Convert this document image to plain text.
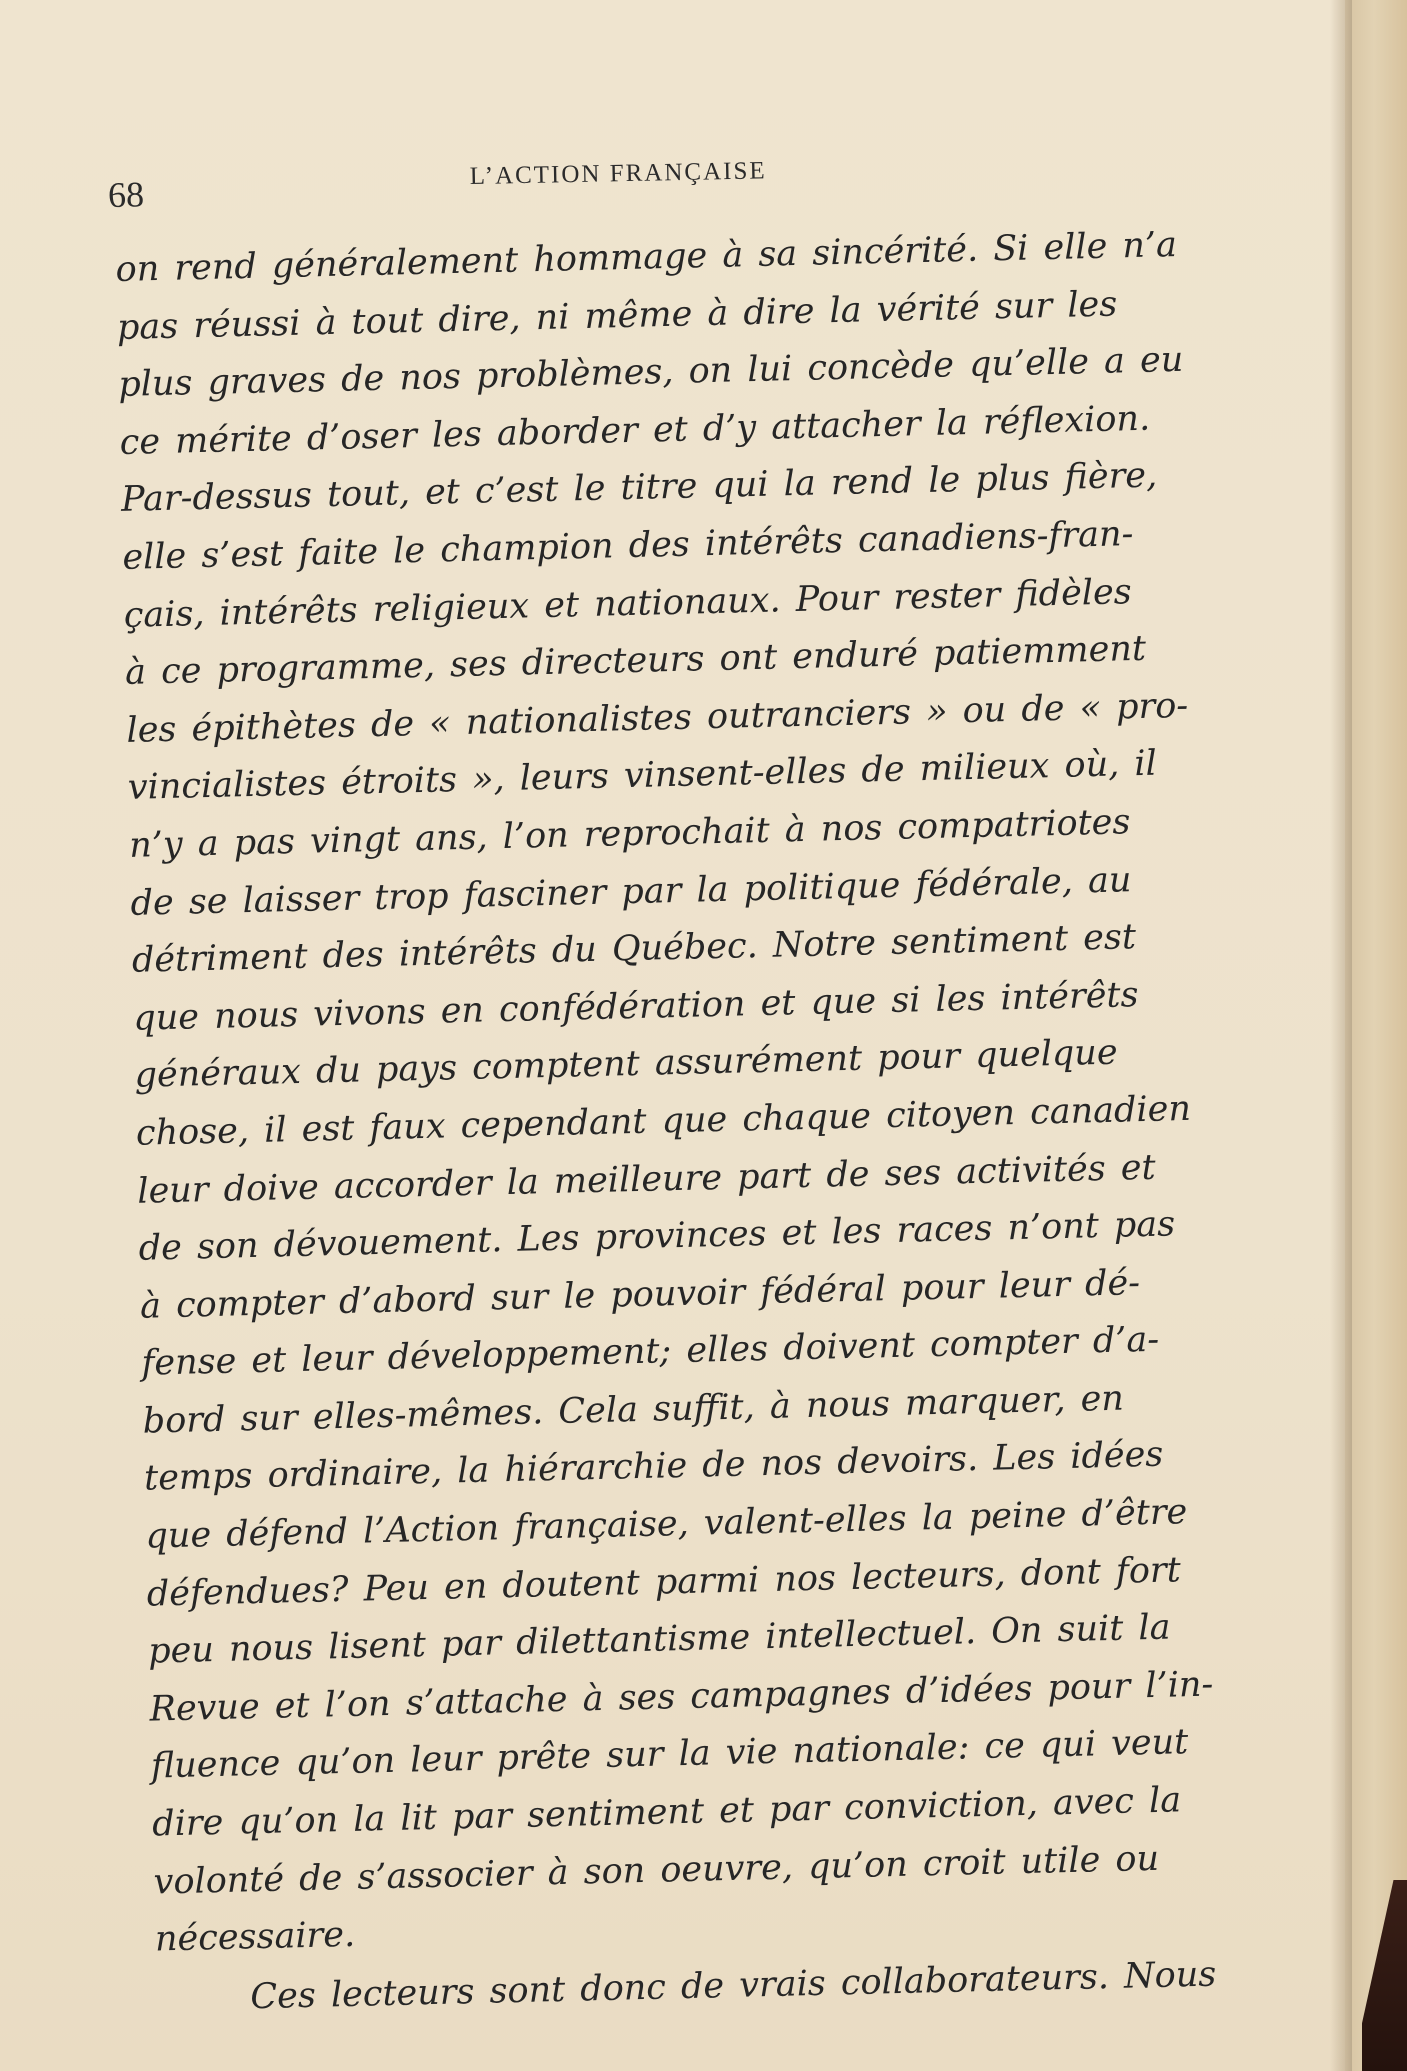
68
L’ACTION FRANÇAISE
on rend généralement hommage à sa sincérité. Si elle n’a
pas réussi à tout dire, ni même à dire la vérité sur les
plus graves de nos problèmes, on lui concède qu’elle a eu
ce mérite d’oser les aborder et d’y attacher la réflexion.
Par-dessus tout, et c’est le titre qui la rend le plus fière,
elle s’est faite le champion des intérêts canadiens-fran-
çais, intérêts religieux et nationaux. Pour rester fidèles
à ce programme, ses directeurs ont enduré patiemment
les épithètes de « nationalistes outranciers » ou de « pro-
vincialistes étroits », leurs vinsent-elles de milieux où, il
n’y a pas vingt ans, l’on reprochait à nos compatriotes
de se laisser trop fasciner par la politique fédérale, au
détriment des intérêts du Québec. Notre sentiment est
que nous vivons en confédération et que si les intérêts
généraux du pays comptent assurément pour quelque
chose, il est faux cependant que chaque citoyen canadien
leur doive accorder la meilleure part de ses activités et
de son dévouement. Les provinces et les races n’ont pas
à compter d’abord sur le pouvoir fédéral pour leur dé-
fense et leur développement; elles doivent compter d’a-
bord sur elles-mêmes. Cela suffit, à nous marquer, en
temps ordinaire, la hiérarchie de nos devoirs. Les idées
que défend l’Action française, valent-elles la peine d’être
défendues? Peu en doutent parmi nos lecteurs, dont fort
peu nous lisent par dilettantisme intellectuel. On suit la
Revue et l’on s’attache à ses campagnes d’idées pour l’in-
fluence qu’on leur prête sur la vie nationale: ce qui veut
dire qu’on la lit par sentiment et par conviction, avec la
volonté de s’associer à son oeuvre, qu’on croit utile ou
nécessaire.
Ces lecteurs sont donc de vrais collaborateurs. Nous
